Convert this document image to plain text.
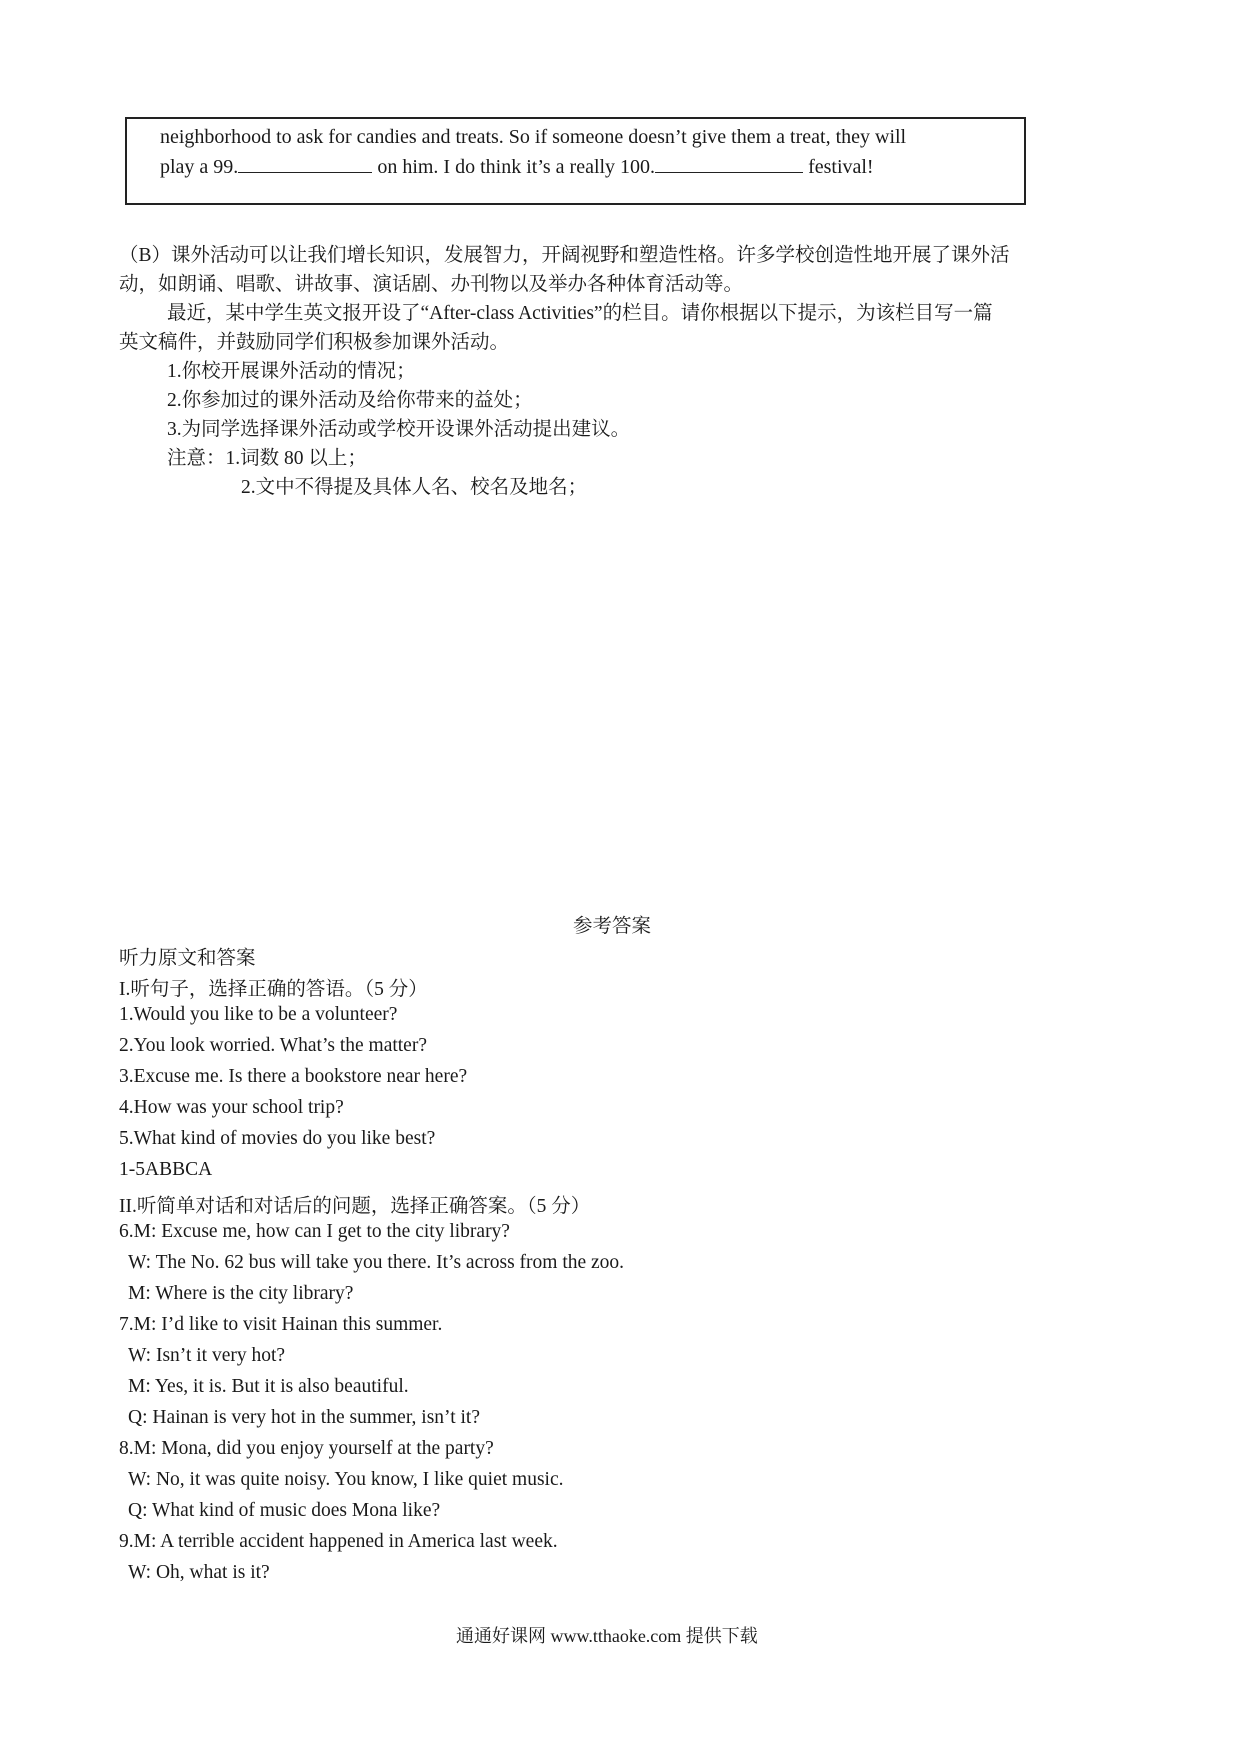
neighborhood to ask for candies and treats. So if someone doesn’t give them a treat, they will
play a 99.	on him. I do think it’s a really 100.	festival!
（B）课外活动可以让我们增长知识，发展智力，开阔视野和塑造性格。许多学校创造性地开展了课外活
动，如朗诵、唱歌、讲故事、演话剧、办刊物以及举办各种体育活动等。
最近，某中学生英文报开设了“After-class Activities”的栏目。请你根据以下提示，为该栏目写一篇
英文稿件，并鼓励同学们积极参加课外活动。
1.你校开展课外活动的情况；
2.你参加过的课外活动及给你带来的益处；
3.为同学选择课外活动或学校开设课外活动提出建议。
注意：1.词数 80 以上；
2.文中不得提及具体人名、校名及地名；
参考答案
听力原文和答案
I.听句子，选择正确的答语。（5 分）
1.Would you like to be a volunteer?
2.You look worried. What’s the matter?
3.Excuse me. Is there a bookstore near here?
4.How was your school trip?
5.What kind of movies do you like best?
1-5ABBCA
II.听简单对话和对话后的问题，选择正确答案。（5 分）
6.M: Excuse me, how can I get to the city library?
W: The No. 62 bus will take you there. It’s across from the zoo.
M: Where is the city library?
7.M: I’d like to visit Hainan this summer.
W: Isn’t it very hot?
M: Yes, it is. But it is also beautiful.
Q: Hainan is very hot in the summer, isn’t it?
8.M: Mona, did you enjoy yourself at the party?
W: No, it was quite noisy. You know, I like quiet music.
Q: What kind of music does Mona like?
9.M: A terrible accident happened in America last week.
W: Oh, what is it?
通通好课网 www.tthaoke.com 提供下载
